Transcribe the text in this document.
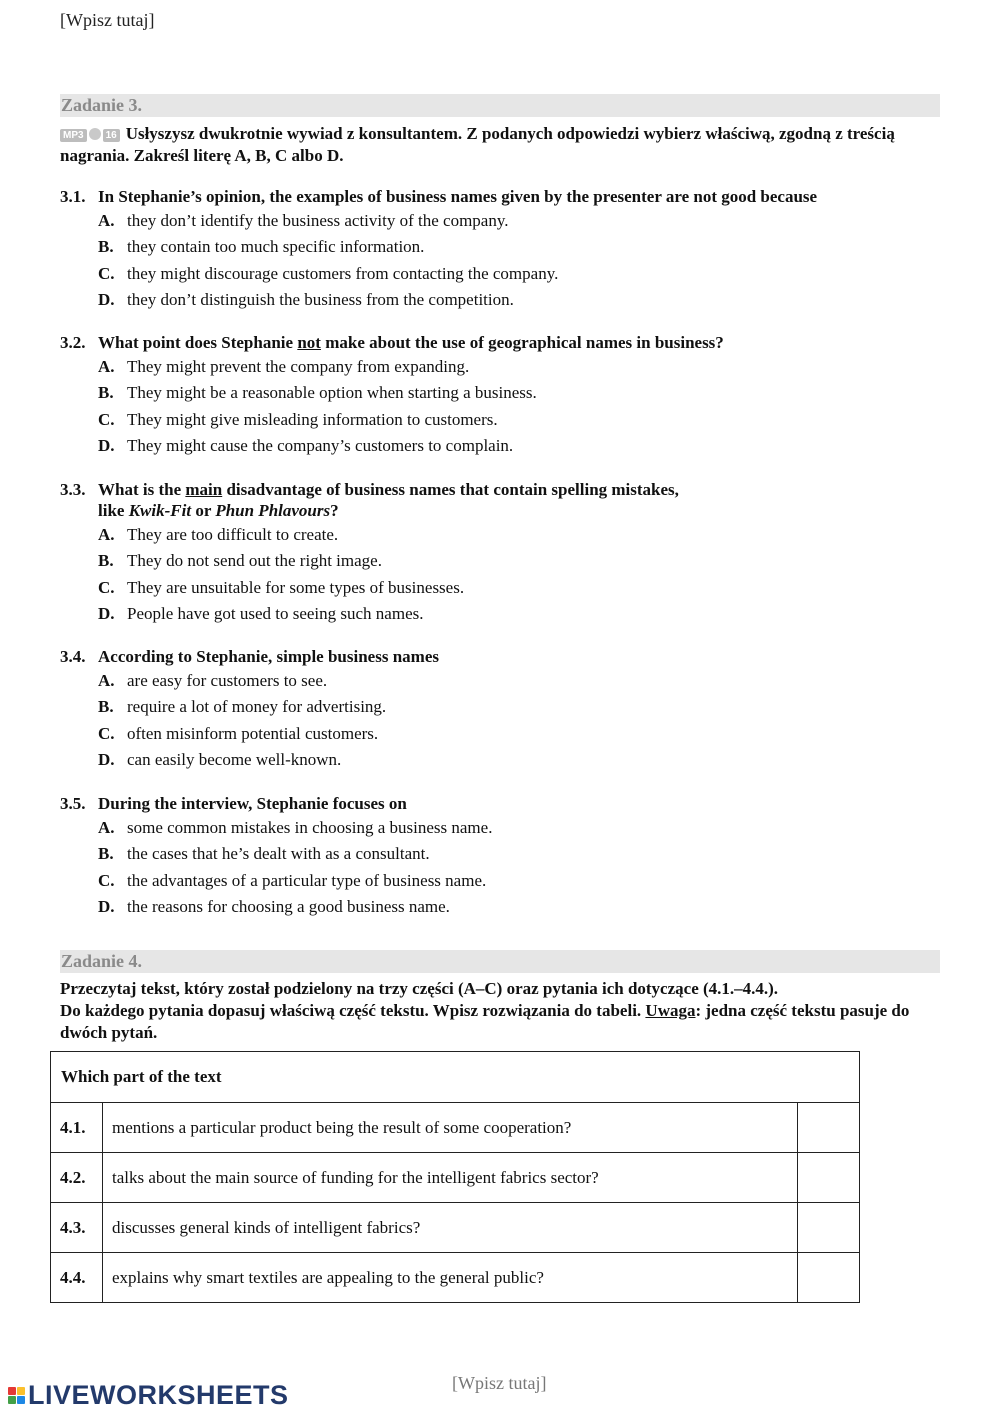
[Wpisz tutaj]
Zadanie 3.
MP3 16 Usłyszysz dwukrotnie wywiad z konsultantem. Z podanych odpowiedzi wybierz właściwą, zgodną z treścią nagrania. Zakreśl literę A, B, C albo D.
3.1. In Stephanie’s opinion, the examples of business names given by the presenter are not good because
A. they don’t identify the business activity of the company.
B. they contain too much specific information.
C. they might discourage customers from contacting the company.
D. they don’t distinguish the business from the competition.
3.2. What point does Stephanie not make about the use of geographical names in business?
A. They might prevent the company from expanding.
B. They might be a reasonable option when starting a business.
C. They might give misleading information to customers.
D. They might cause the company’s customers to complain.
3.3. What is the main disadvantage of business names that contain spelling mistakes,
like Kwik-Fit or Phun Phlavours?
A. They are too difficult to create.
B. They do not send out the right image.
C. They are unsuitable for some types of businesses.
D. People have got used to seeing such names.
3.4. According to Stephanie, simple business names
A. are easy for customers to see.
B. require a lot of money for advertising.
C. often misinform potential customers.
D. can easily become well-known.
3.5. During the interview, Stephanie focuses on
A. some common mistakes in choosing a business name.
B. the cases that he’s dealt with as a consultant.
C. the advantages of a particular type of business name.
D. the reasons for choosing a good business name.
Zadanie 4.
Przeczytaj tekst, który został podzielony na trzy części (A–C) oraz pytania ich dotyczące (4.1.–4.4.).
Do każdego pytania dopasuj właściwą część tekstu. Wpisz rozwiązania do tabeli. Uwaga: jedna część tekstu pasuje do dwóch pytań.
Which part of the text		
4.1.	mentions a particular product being the result of some cooperation?	
4.2.	talks about the main source of funding for the intelligent fabrics sector?	
4.3.	discusses general kinds of intelligent fabrics?	
4.4.	explains why smart textiles are appealing to the general public?	
LIVEWORKSHEETS	[Wpisz tutaj]
